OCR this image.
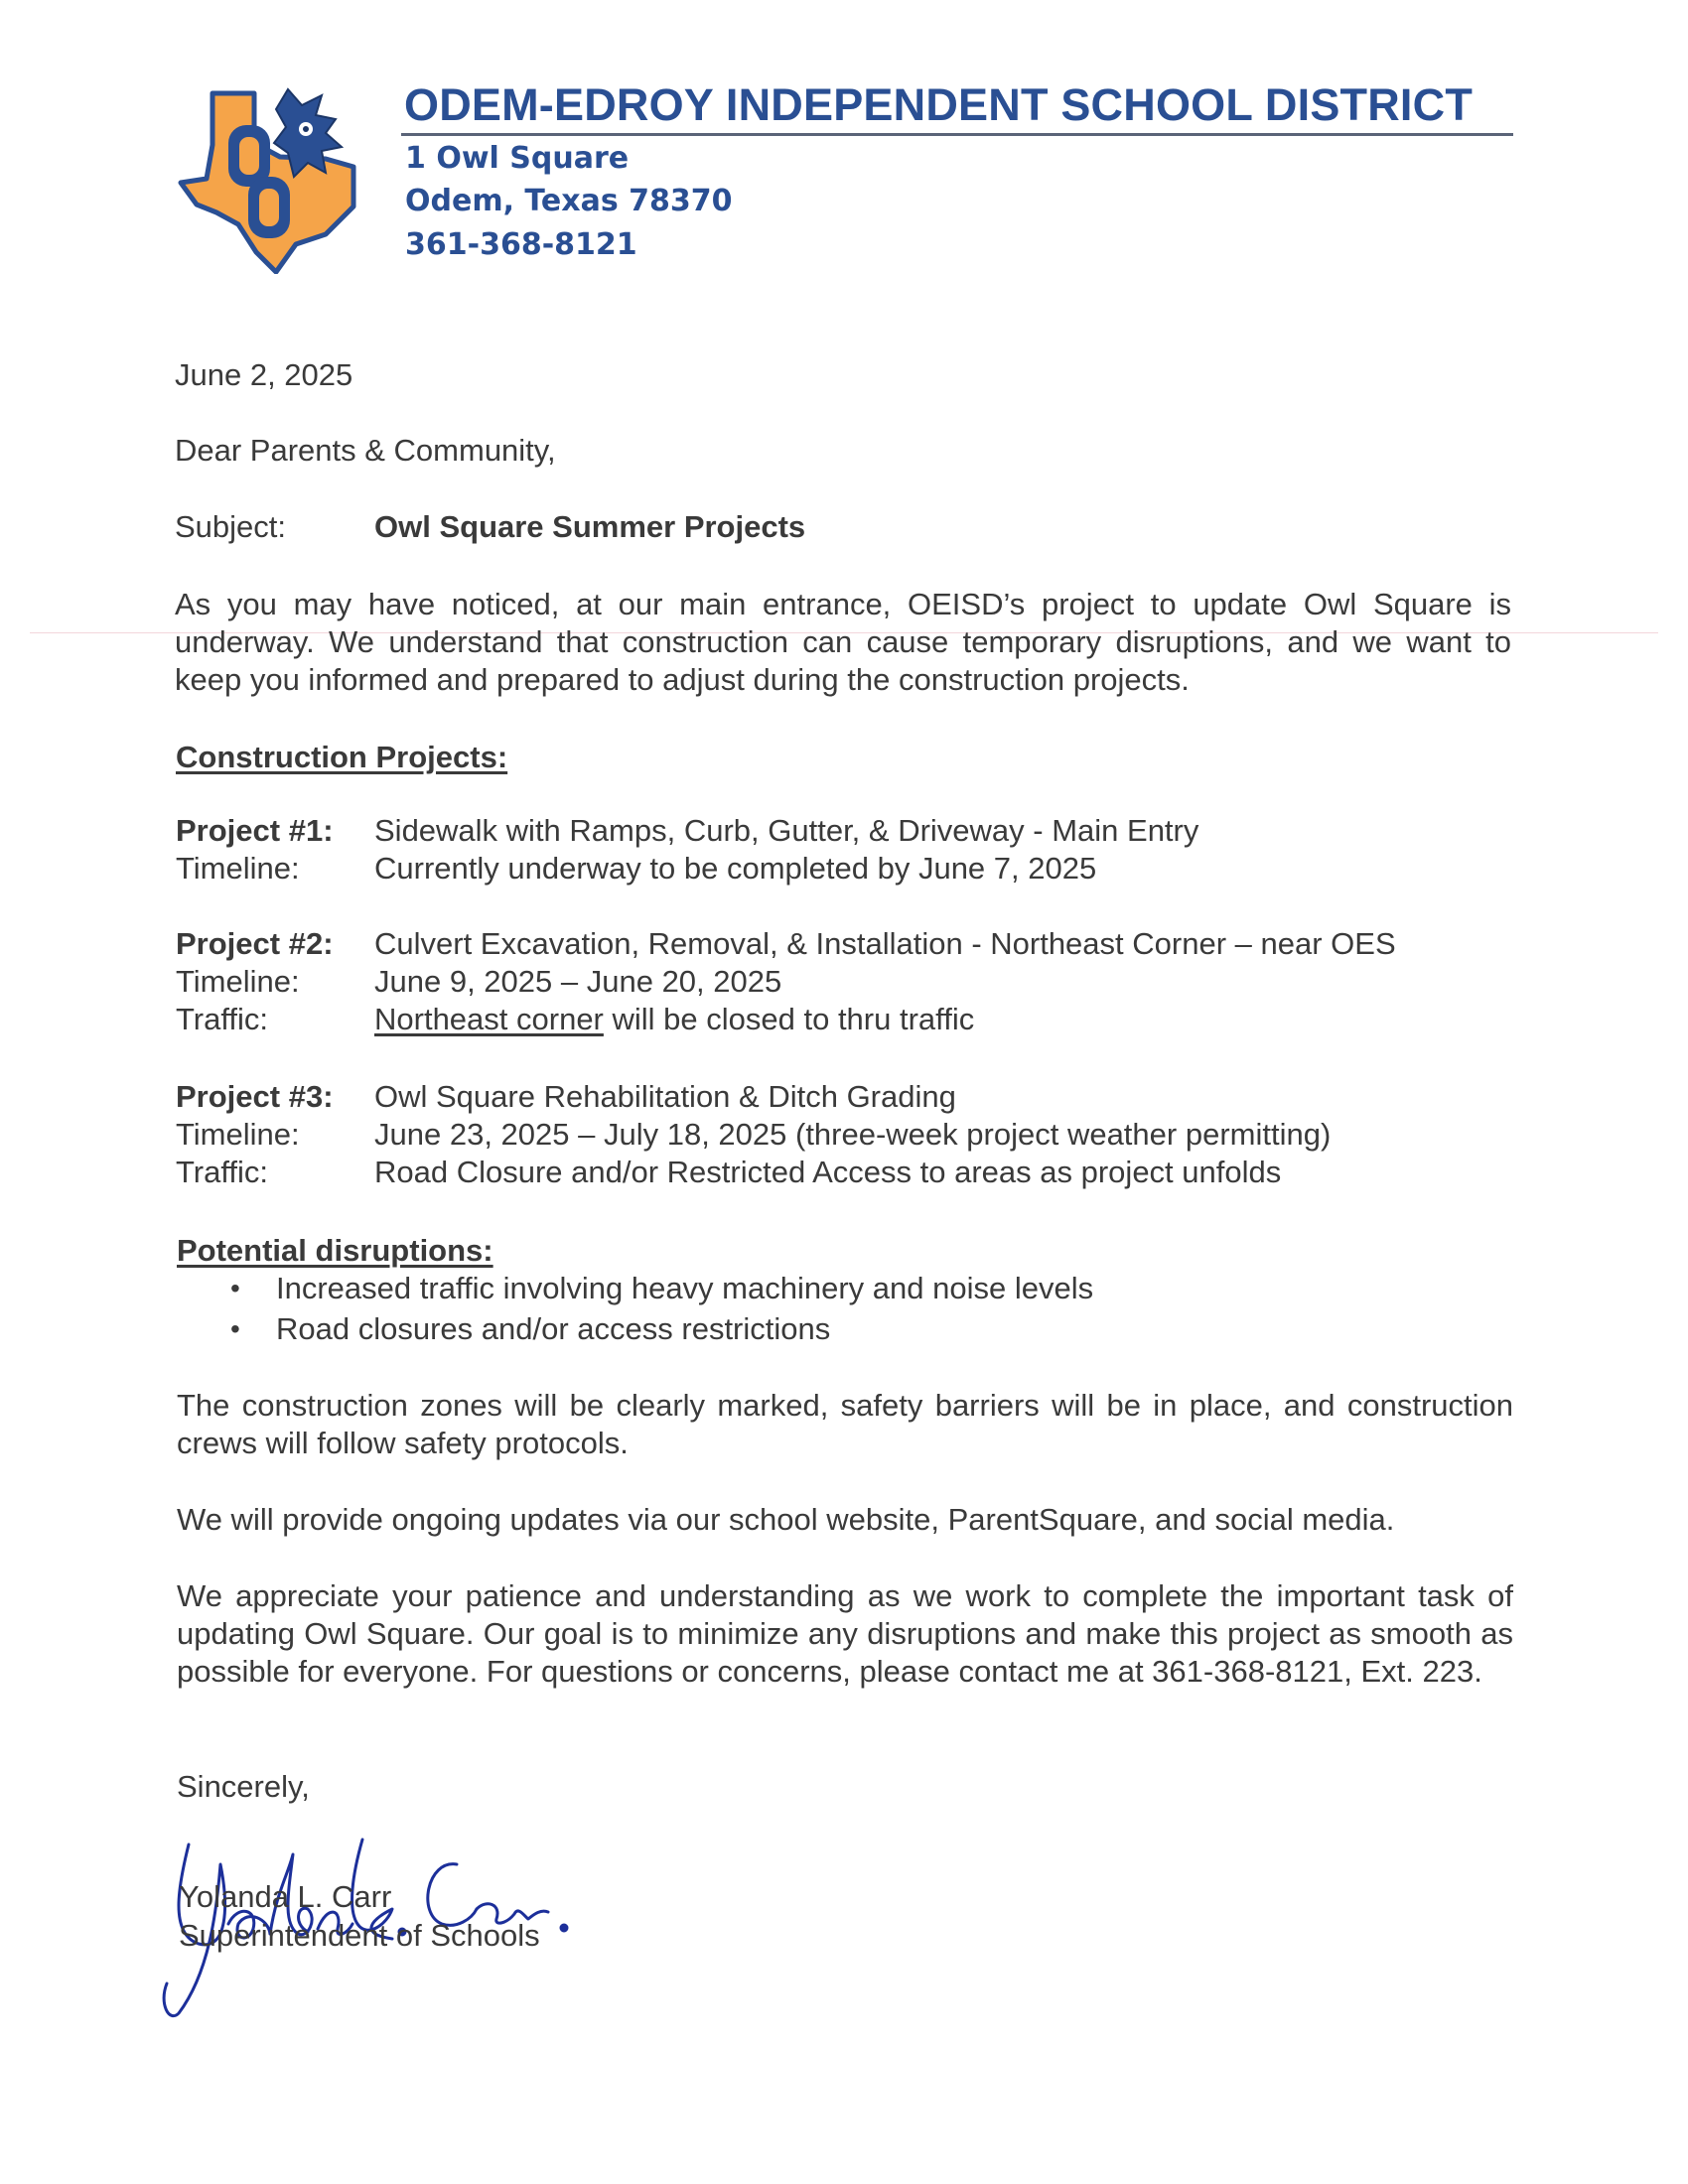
OO	ODEM-EDROY INDEPENDENT SCHOOL DISTRICT
1 Owl Square
Odem, Texas 78370
361-368-8121
June 2, 2025
Dear Parents & Community,
Subject:	Owl Square Summer Projects
As you may have noticed, at our main entrance, OEISD’s project to update Owl Square is underway. We understand that construction can cause temporary disruptions, and we want to keep you informed and prepared to adjust during the construction projects.
Construction Projects:
Project #1: Sidewalk with Ramps, Curb, Gutter, & Driveway - Main Entry
Timeline: Currently underway to be completed by June 7, 2025
Project #2: Culvert Excavation, Removal, & Installation - Northeast Corner – near OES
Timeline: June 9, 2025 – June 20, 2025
Traffic:	Northeast corner will be closed to thru traffic
Project #3: Owl Square Rehabilitation & Ditch Grading
Timeline: June 23, 2025 – July 18, 2025 (three-week project weather permitting)
Traffic:	Road Closure and/or Restricted Access to areas as project unfolds
Potential disruptions:
• Increased traffic involving heavy machinery and noise levels
• Road closures and/or access restrictions
The construction zones will be clearly marked, safety barriers will be in place, and construction crews will follow safety protocols.
We will provide ongoing updates via our school website, ParentSquare, and social media.
We appreciate your patience and understanding as we work to complete the important task of updating Owl Square. Our goal is to minimize any disruptions and make this project as smooth as possible for everyone. For questions or concerns, please contact me at 361-368-8121, Ext. 223.
Sincerely,
Yolanda L. Carr
Yolanda L. Carr
Superintendent of Schools
